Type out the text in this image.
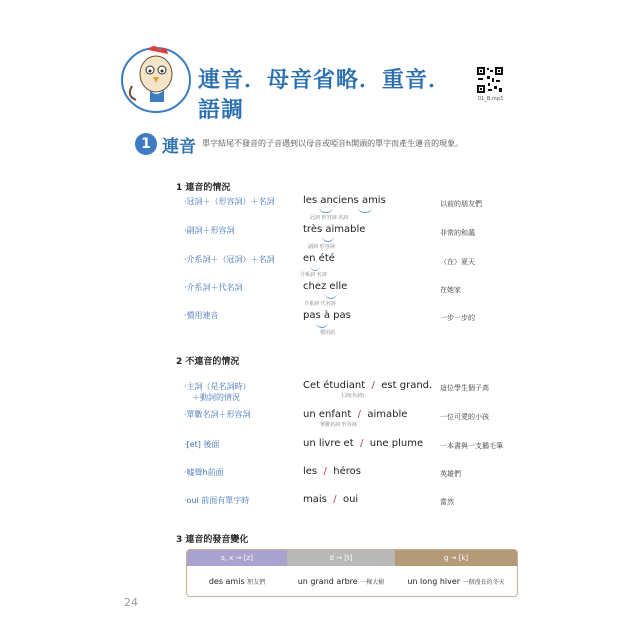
連音．母音省略．重音．
語調	01_B.mp3
1 連音 單字結尾不發音的子音遇到以母音或啞音h開頭的單字而產生連音的現象。
1 連音的情況
‧冠詞＋（形容詞）＋名詞	les anciens amis
冠詞 形容詞 名詞
以前的朋友們
‧副詞＋形容詞	très aimable
副詞 形容詞
非常的和藹
‧介系詞＋（冠詞）＋名詞	en été
介系詞 名詞
（在）夏天
‧介系詞＋代名詞	chez elle
介系詞 代名詞
在她家
‧慣用連音	pas à pas
慣用語
一步一步的
2 不連音的情況
‧主詞（是名詞時）
＋動詞的情況
Cet étudiant  /  est grand.
主詞(名詞)
這位學生個子高
‧單數名詞＋形容詞	un enfant  /  aimable
單數名詞 形容詞
一位可愛的小孩
‧[et] 後面	un livre et  /  une plume 一本書與一支鵝毛筆
‧嘘聲h前面	les  /  héros	英雄們
‧oui 前面有單字時	mais  /  oui	當然
3 連音的發音變化
s, x → [z]	d → [t]	g → [k]
des amis 朋友們	un grand arbre 一棵大樹	un long hiver 一個漫長的冬天
24
